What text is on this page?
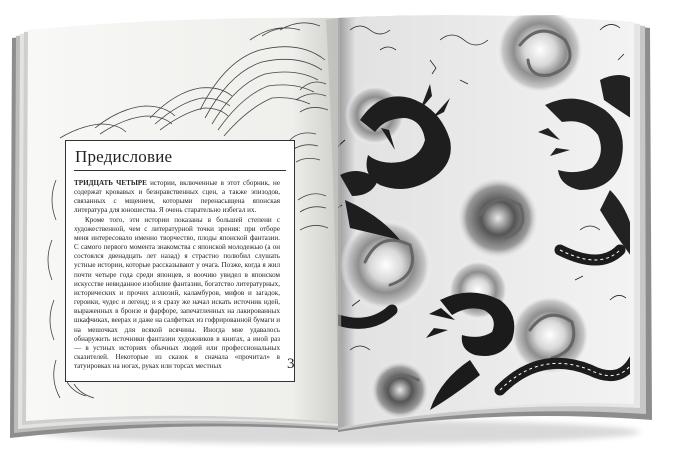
Предисловие

ТРИДЦАТЬ ЧЕТЫРЕ истории, включенные в этот сборник, не содержат кровавых и безнравственных сцен, а также эпизодов, связанных с мщением, которыми перенасыщена японская литература для юношества. Я очень старательно избегал их.

Кроме того, эти истории показаны в большей степени с художественной, чем с литературной точки зрения: при отборе меня интересовало именно творчество, плоды японской фантазии. С самого первого момента знакомства с японской молодежью (а он состоялся двенадцать лет назад) я страстно полюбил слушать устные истории, которые рассказывают у очага. Позже, когда я жил почти четыре года среди японцев, я воочию увидел в японском искусстве невиданное изобилие фантазии, богатство литературных, исторических и прочих аллюзий, каламбуров, мифов и загадок, героики, чудес и легенд; и я сразу же начал искать источник идей, выраженных в бронзе и фарфоре, запечатленных на лакированных шкафчиках, веерах и даже на салфетках из гофрированной бумаги и на мешочках для всякой всячины. Иногда мне удавалось обнаружить источники фантазии художников в книгах, а иной раз — в устных историях обычных людей или профессиональных сказителей. Некоторые из сказок я сначала «прочитал» в татуировках на ногах, руках или торсах местных	3
